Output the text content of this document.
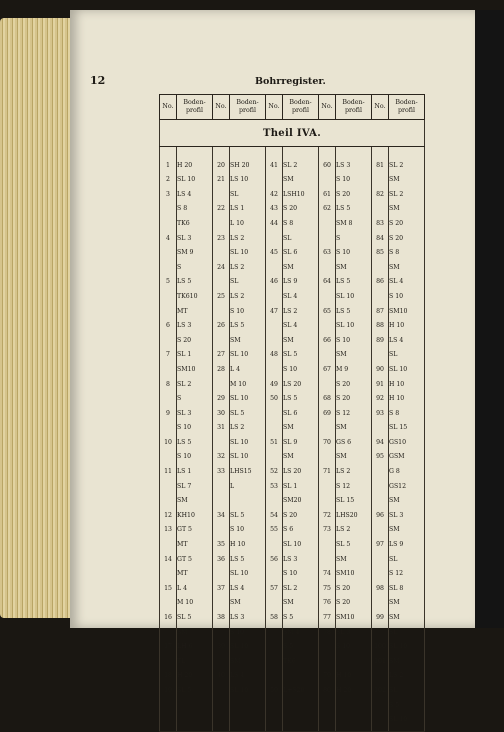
12	Bohrregister.
No.	Boden-
profil	No.	Boden-
profil	No.	Boden-
profil	No.	Boden-
profil	No.	Boden-
profil
Theil IVA.									

1	H 20	20	SH 20	41	SL 2	60	LS 3	81	SL 2
2	SL 10	21	LS 10		SM		S 10		SM
3	LS 4		SL	42	LSH10	61	S 20	82	SL 2
	S 8	22	LS 1	43	S 20	62	LS 5		SM
	TK6		L 10	44	S 8		SM 8	83	S 20
4	SL 3	23	LS 2		SL		S	84	S 20
	SM 9		SL 10	45	SL 6	63	S 10	85	S 8
	S	24	LS 2		SM		SM		SM
5	LS 5		SL	46	LS 9	64	LS 5	86	SL 4
	TK610	25	LS 2		SL 4		SL 10		S 10
	MT		S 10	47	LS 2	65	LS 5	87	SM10
6	LS 3	26	LS 5		SL 4		SL 10	88	H 10
	S 20		SM		SM	66	S 10	89	LS 4
7	SL 1	27	SL 10	48	SL 5		SM		SL
	SM10	28	L 4		S 10	67	M 9	90	SL 10
8	SL 2		M 10	49	LS 20		S 20	91	H 10
	S	29	SL 10	50	LS 5	68	S 20	92	H 10
9	SL 3	30	SL 5		SL 6	69	S 12	93	S 8
	S 10	31	LS 2		SM		SM		SL 15
10	LS 5		SL 10	51	SL 9	70	GS 6	94	GS10
	S 10	32	SL 10		SM		SM	95	GSM
11	LS 1	33	LHS15	52	LS 20	71	LS 2		G 8
	SL 7		L	53	SL 1		S 12		GS12
	SM				SM20		SL 15		SM
12	KH10	34	SL 5	54	S 20	72	LHS20	96	SL 3
13	GT 5		S 10	55	S 6	73	LS 2		SM
	MT	35	H 10		SL 10		SL 5	97	LS 9
14	GT 5	36	LS 5	56	LS 3		SM		SL
	MT		SL 10		S 10	74	SM10		S 12
15	L 4	37	LS 4	57	SL 2	75	S 20	98	SL 8
	M 10		SM		SM	76	S 20		SM
16	SL 5	38	LS 3	58	S 5	77	SM10	99	SM
	SM		S 10		SM 4	78	SL 3		SL
17	LH 6	39	SL 10		S 5		S 10	100	SL 10
	TL		SM		TK6			101	SM
18	H 20	40	LS 4			79	H 10		LS 2
19	SL 5		SL 10	59	L+S20	80	H 20	102	SL
									S 5
									SL 10
